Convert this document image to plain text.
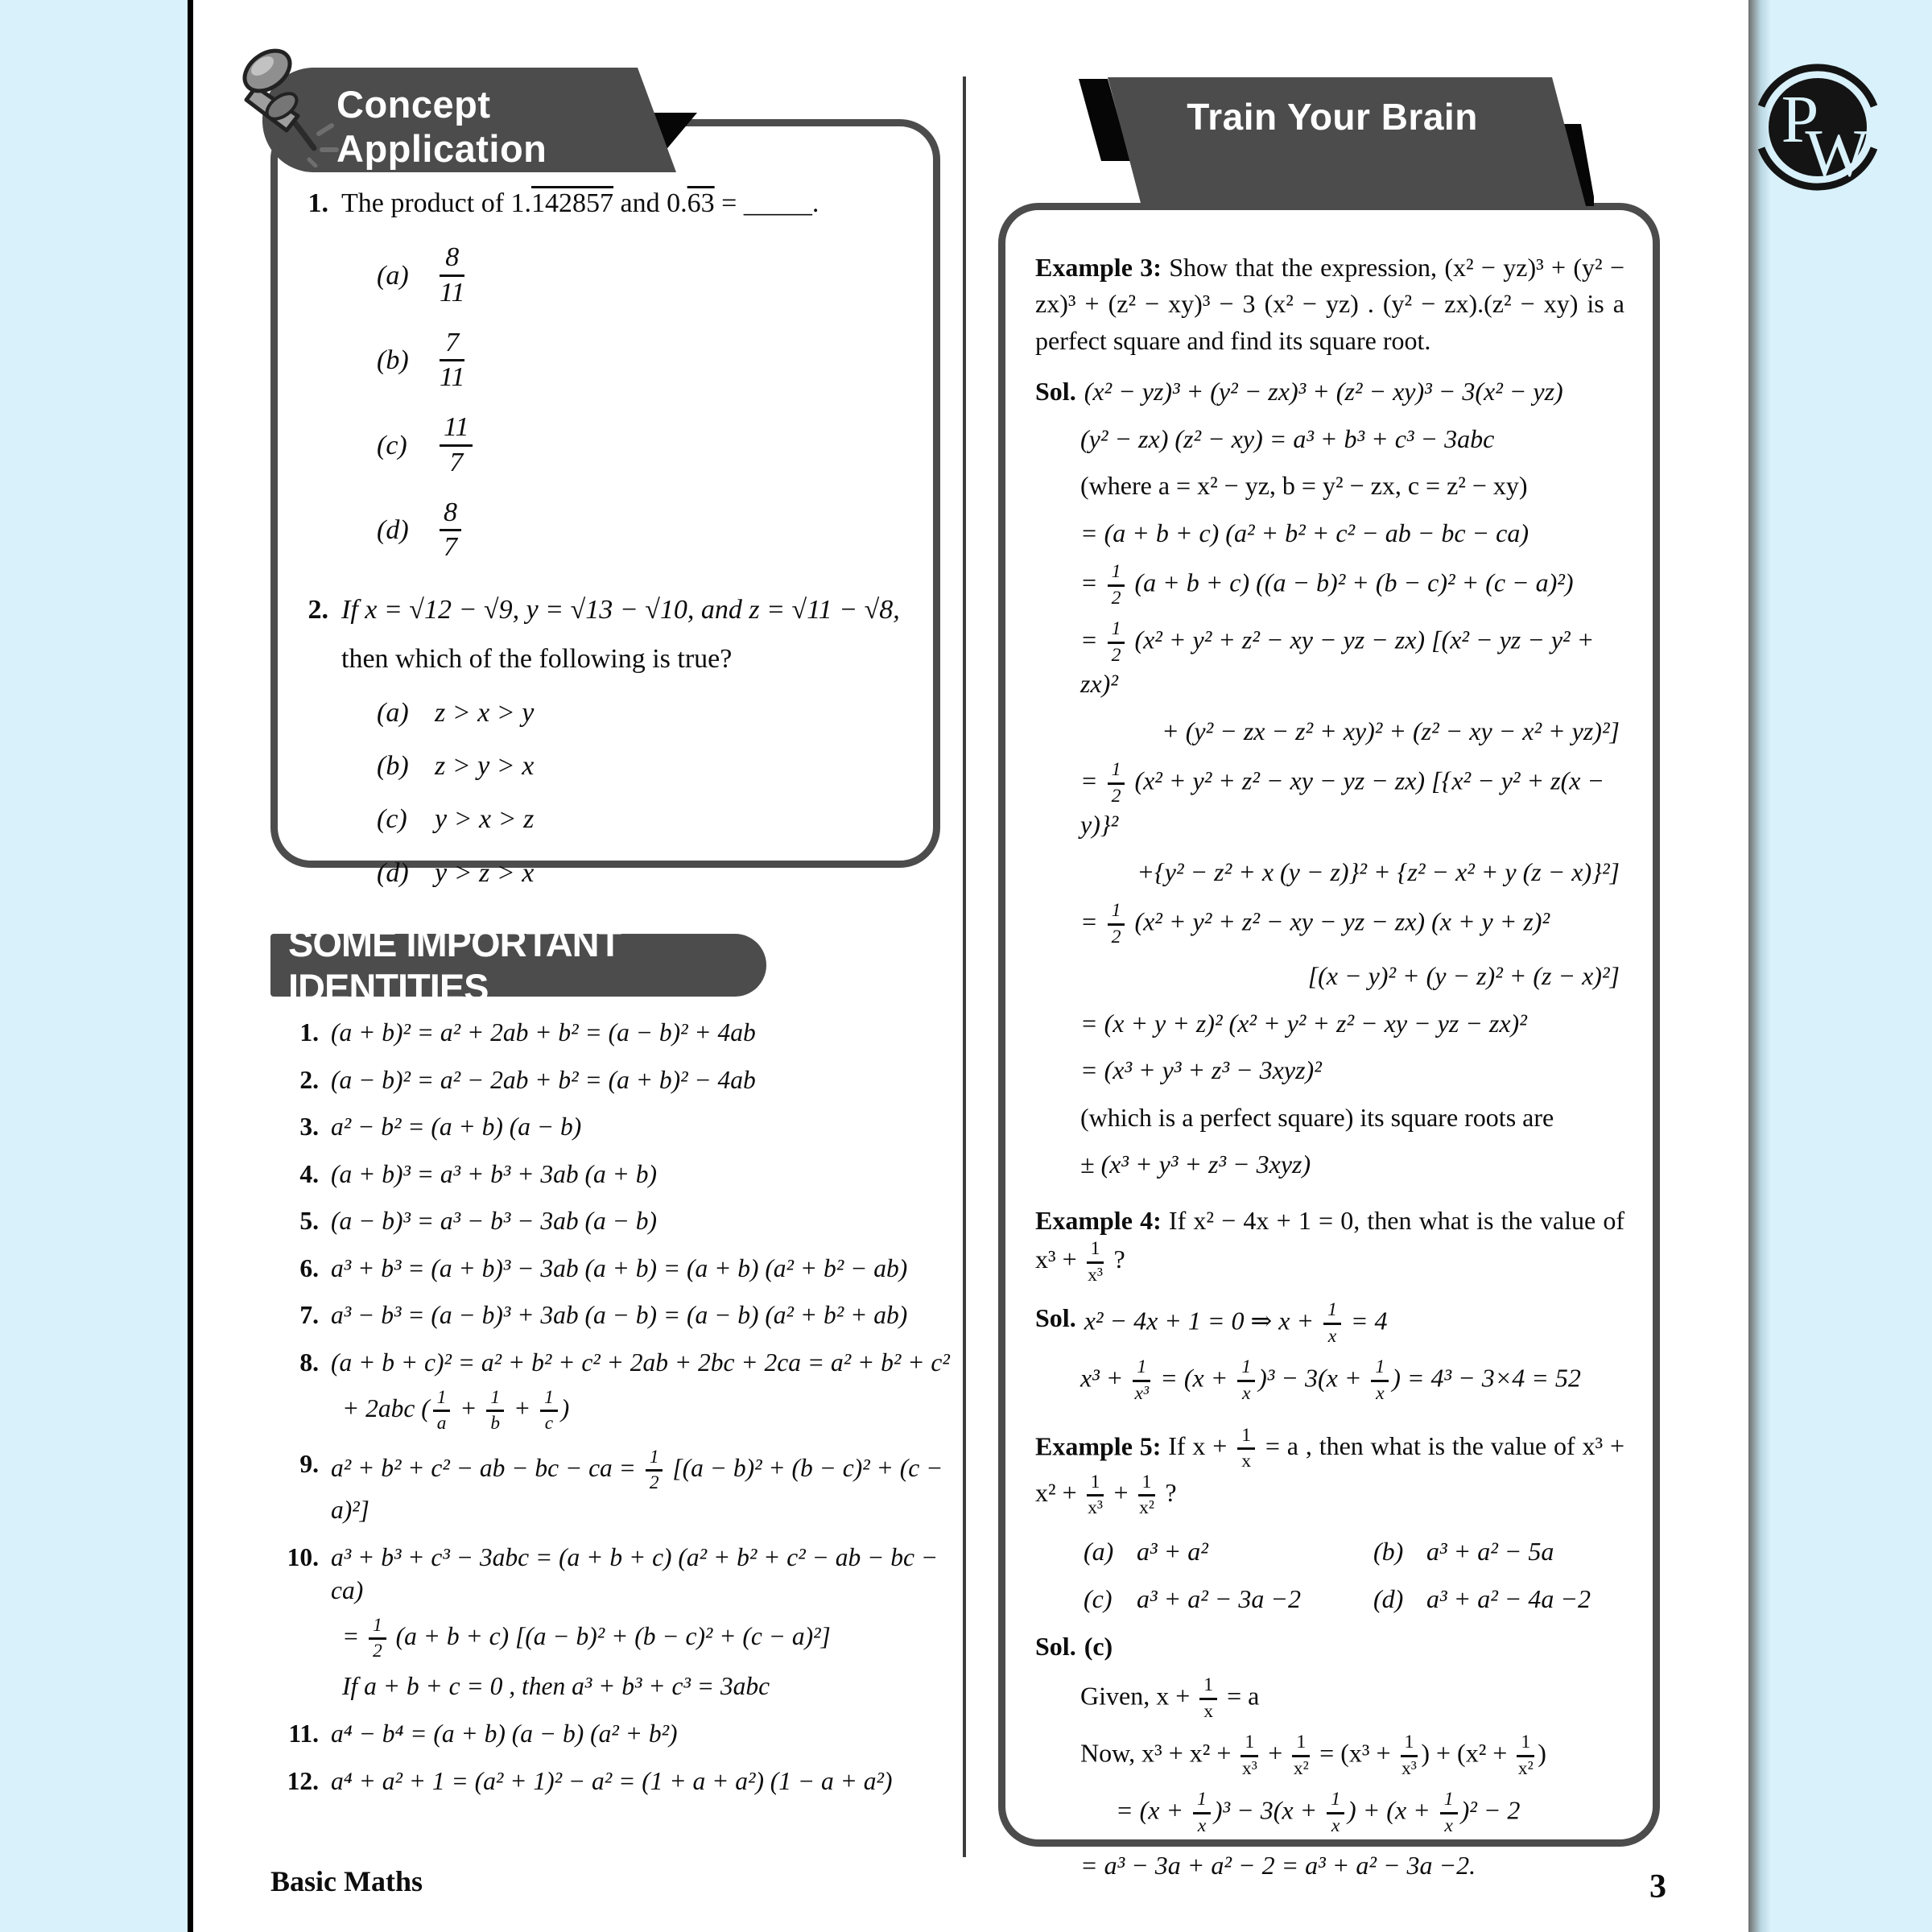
P
W
Concept Application
1. The product of 1.142857 and 0.63 = _____.
(a)	$\frac{8}{11}$
(b)	$\frac{7}{11}$
(c)	$\frac{11}{7}$
(d)	$\frac{8}{7}$
2. If x = √12 − √9, y = √13 − √10, and z = √11 − √8,
then which of the following is true?
(a) z > x > y
(b) z > y > x
(c)	y > x > z
(d) y > z > x
SOME IMPORTANT IDENTITIES
1. (a + b)² = a² + 2ab + b² = (a − b)² + 4ab
2. (a − b)² = a² − 2ab + b² = (a + b)² − 4ab
3. a² − b² = (a + b) (a − b)
4. (a + b)³ = a³ + b³ + 3ab (a + b)
5. (a − b)³ = a³ − b³ − 3ab (a − b)
6. a³ + b³ = (a + b)³ − 3ab (a + b) = (a + b) (a² + b² − ab)
7. a³ − b³ = (a − b)³ + 3ab (a − b) = (a − b) (a² + b² + ab)
8. (a + b + c)² = a² + b² + c² + 2ab + 2bc + 2ca = a² + b² + c²
+ 2abc ( $\frac{1}{a} + \frac{1}{b} + \frac{1}{c}$ )
9. a² + b² + c² − ab − bc − ca = $\frac{1}{2} [(a - b)^2 + (b - c)^2 + (c - a)^2]$
10. a³ + b³ + c³ − 3abc = (a + b + c) (a² + b² + c² − ab − bc − ca)
= $\frac{1}{2} (a + b + c) [(a - b)^2 + (b - c)^2 + (c - a)^2]$
If a + b + c = 0 , then a³ + b³ + c³ = 3abc
11. a⁴ − b⁴ = (a + b) (a − b) (a² + b²)
12. a⁴ + a² + 1 = (a² + 1)² − a² = (1 + a + a²) (1 − a + a²)
Train Your Brain
Example 3: Show that the expression, (x² − yz)³ + (y² − zx)³ + (z² − xy)³ − 3 (x² − yz) . (y² − zx).(z² − xy) is a perfect square and find its square root.
Sol. (x² − yz)³ + (y² − zx)³ + (z² − xy)³ − 3(x² − yz)
(y² − zx) (z² − xy) = a³ + b³ + c³ − 3abc
(where a = x² − yz, b = y² − zx, c = z² − xy)
= (a + b + c) (a² + b² + c² − ab − bc − ca)
= $\frac{1}{2} (a + b + c) ((a - b)^2 + (b - c)^2 + (c - a)^2)$
= $\frac{1}{2} (x^2 + y^2 + z^2$ − xy − yz − zx) [(x² − yz − y² + zx)²
+ (y² − zx − z² + xy)² + (z² − xy − x² + yz)²]
= $\frac{1}{2} (x^2 + y^2 + z^2$ − xy − yz − zx) [{x² − y² + z(x − y)}²
+{y² − z² + x (y − z)}² + {z² − x² + y (z − x)}²]
= $\frac{1}{2} (x^2 + y^2 + z^2$ − xy − yz − zx) (x + y + z)²
[(x − y)² + (y − z)² + (z − x)²]
= (x + y + z)² (x² + y² + z² − xy − yz − zx)²
= (x³ + y³ + z³ − 3xyz)²
(which is a perfect square) its square roots are
± (x³ + y³ + z³ − 3xyz)
Example 4: If x² − 4x + 1 = 0, then what is the value of $x^3 + \frac{1}{\text{x³}}$ ?
Sol. x² − 4x + 1 = 0 ⇒ $x + \frac{1}{x} = 4$
$x^3 + \frac{1}{\text{x³}} = (x + \frac{1}{x} )^3 - 3(x + \frac{1}{x}$ ) = 4³ − 3×4 = 52
Example 5: If $x + \frac{1}{x} = a$ , then what is the value of $x^3 + x^2 + \frac{1}{\text{x³}} + \frac{1}{\text{x²}}$ ?
(a) a³ + a²	(b) a³ + a² − 5a
(c) a³ + a² − 3a −2	(d) a³ + a² − 4a −2
Sol. (c)
Given, $x + \frac{1}{x} = a$
Now, $x^3 + x^2 + \frac{1}{\text{x³}} + \frac{1}{\text{x²}} = (x^3 + \frac{1}{\text{x³}}$ ) + ($x^2 + \frac{1}{\text{x²}}$ )
= $(x + \frac{1}{x} )^3 - 3(x + \frac{1}{x}$ ) + $(x + \frac{1}{x} )^2 - 2$
= a³ − 3a + a² − 2 = a³ + a² − 3a −2.
Basic Maths	3
